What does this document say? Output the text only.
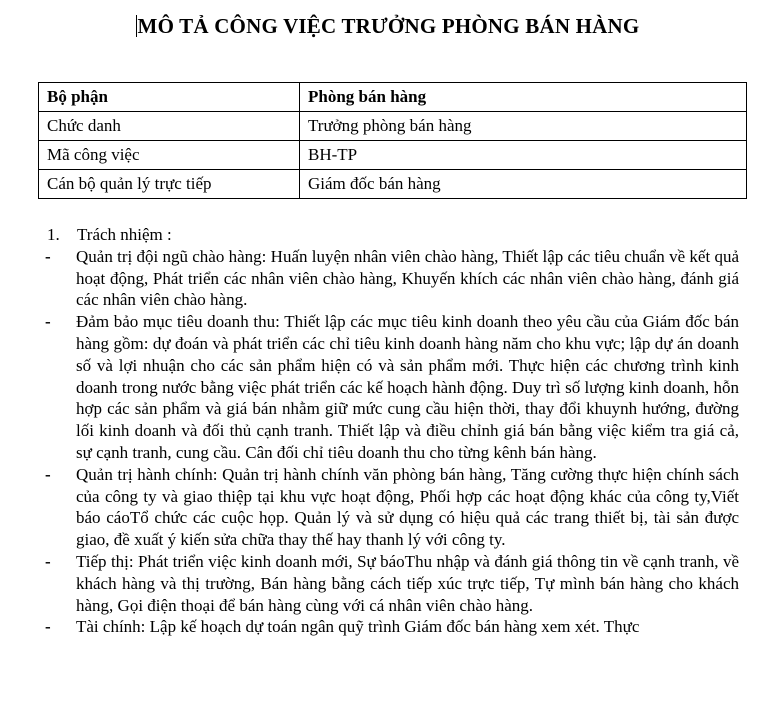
MÔ TẢ CÔNG VIỆC TRƯỞNG PHÒNG BÁN HÀNG
Bộ phận	Phòng bán hàng
Chức danh	Trưởng phòng bán hàng
Mã công việc	BH-TP
Cán bộ quản lý trực tiếp	Giám đốc bán hàng
1. Trách nhiệm :
- Quản trị đội ngũ chào hàng: Huấn luyện nhân viên chào hàng, Thiết lập các tiêu chuẩn về kết quả hoạt động, Phát triển các nhân viên chào hàng, Khuyến khích các nhân viên chào hàng, đánh giá các nhân viên chào hàng.
- Đảm bảo mục tiêu doanh thu: Thiết lập các mục tiêu kinh doanh theo yêu cầu của Giám đốc bán hàng gồm: dự đoán và phát triển các chỉ tiêu kinh doanh hàng năm cho khu vực; lập dự án doanh số và lợi nhuận cho các sản phẩm hiện có và sản phẩm mới. Thực hiện các chương trình kinh doanh trong nước bằng việc phát triển các kế hoạch hành động. Duy trì số lượng kinh doanh, hỗn hợp các sản phẩm và giá bán nhằm giữ mức cung cầu hiện thời, thay đổi khuynh hướng, đường lối kinh doanh và đối thủ cạnh tranh. Thiết lập và điều chỉnh giá bán bằng việc kiểm tra giá cả, sự cạnh tranh, cung cầu. Cân đối chỉ tiêu doanh thu cho từng kênh bán hàng.
- Quản trị hành chính: Quản trị hành chính văn phòng bán hàng, Tăng cường thực hiện chính sách của công ty và giao thiệp tại khu vực hoạt động, Phối hợp các hoạt động khác của công ty,Viết báo cáoTổ chức các cuộc họp. Quản lý và sử dụng có hiệu quả các trang thiết bị, tài sản được giao, đề xuất ý kiến sửa chữa thay thế hay thanh lý với công ty.
- Tiếp thị: Phát triển việc kinh doanh mới, Sự báoThu nhập và đánh giá thông tin về cạnh tranh, về khách hàng và thị trường, Bán hàng bằng cách tiếp xúc trực tiếp, Tự mình bán hàng cho khách hàng, Gọi điện thoại để bán hàng cùng với cá nhân viên chào hàng.
- Tài chính: Lập kế hoạch dự toán ngân quỹ trình Giám đốc bán hàng xem xét. Thực
